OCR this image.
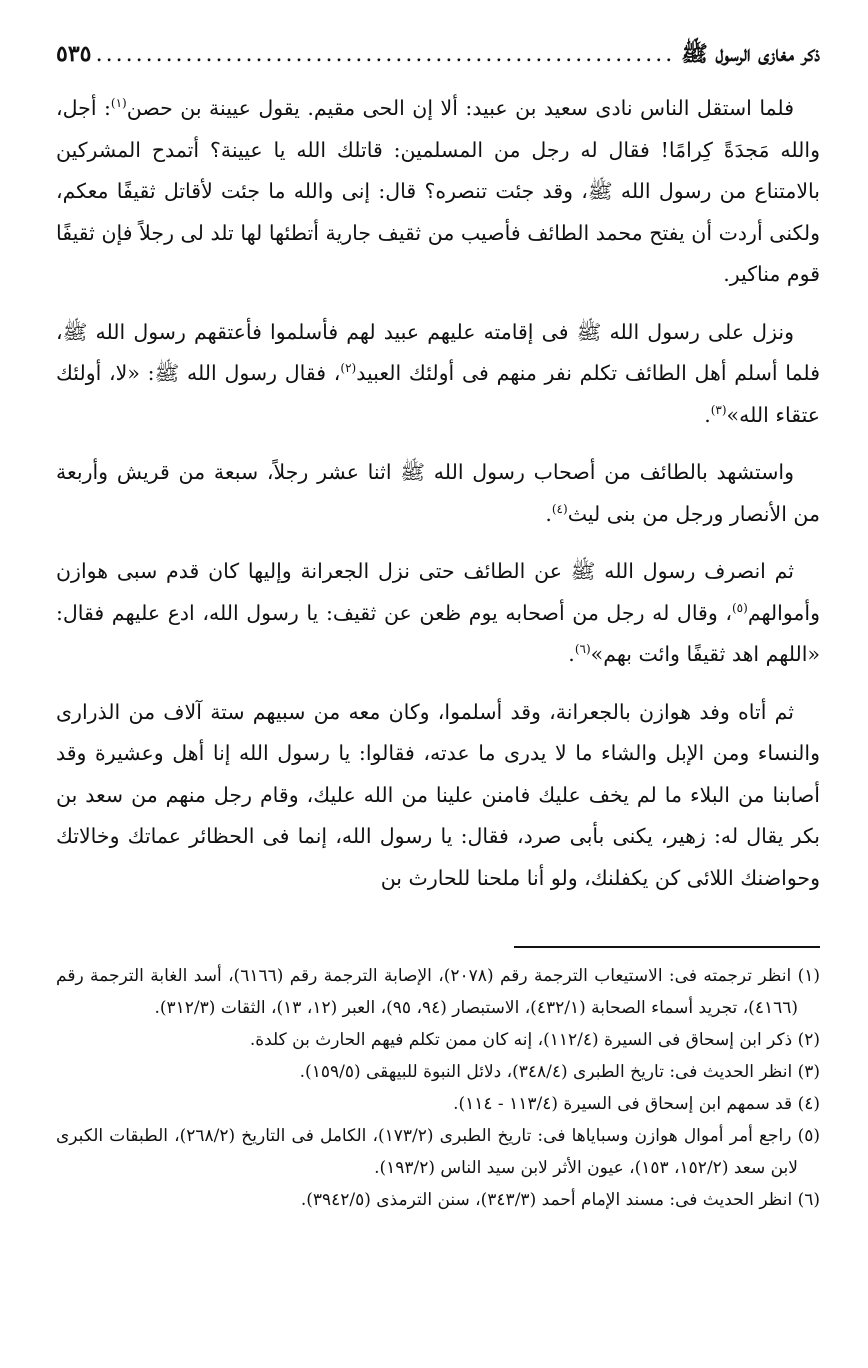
ذكر مغازى الرسول ﷺ
.....
٥٣٥

فلما استقل الناس نادى سعيد بن عبيد: ألا إن الحى مقيم. يقول عيينة بن حصن$^{(١)}$: أجل، والله مَجدَةً كِرامًا! فقال له رجل من المسلمين: قاتلك الله يا عيينة؟ أتمدح المشركين بالامتناع من رسول الله ﷺ، وقد جئت تنصره؟ قال: إنى والله ما جئت لأقاتل ثقيفًا معكم، ولكنى أردت أن يفتح محمد الطائف فأصيب من ثقيف جارية أتطئها لها تلد لى رجلاً فإن ثقيفًا قوم مناكير.

ونزل على رسول الله ﷺ فى إقامته عليهم عبيد لهم فأسلموا فأعتقهم رسول الله ﷺ، فلما أسلم أهل الطائف تكلم نفر منهم فى أولئك العبيد$^{(٢)}$، فقال رسول الله ﷺ: «لا، أولئك عتقاء الله»$^{(٣)}$.

واستشهد بالطائف من أصحاب رسول الله ﷺ اثنا عشر رجلاً، سبعة من قريش وأربعة من الأنصار ورجل من بنى ليث$^{(٤)}$.

ثم انصرف رسول الله ﷺ عن الطائف حتى نزل الجعرانة وإليها كان قدم سبى هوازن وأموالهم$^{(٥)}$، وقال له رجل من أصحابه يوم ظعن عن ثقيف: يا رسول الله، ادع عليهم فقال: «اللهم اهد ثقيفًا وائت بهم»$^{(٦)}$.

ثم أتاه وفد هوازن بالجعرانة، وقد أسلموا، وكان معه من سبيهم ستة آلاف من الذرارى والنساء ومن الإبل والشاء ما لا يدرى ما عدته، فقالوا: يا رسول الله إنا أهل وعشيرة وقد أصابنا من البلاء ما لم يخف عليك فامنن علينا من الله عليك، وقام رجل منهم من سعد بن بكر يقال له: زهير، يكنى بأبى صرد، فقال: يا رسول الله، إنما فى الحظائر عماتك وخالاتك وحواضنك اللائى كن يكفلنك، ولو أنا ملحنا للحارث بن

(١) انظر ترجمته فى: الاستيعاب الترجمة رقم (٢٠٧٨)، الإصابة الترجمة رقم (٦١٦٦)، أسد الغابة الترجمة رقم (٤١٦٦)، تجريد أسماء الصحابة (٤٣٢/١)، الاستبصار (٩٤، ٩٥)، العبر (١٢، ١٣)، الثقات (٣١٢/٣).

(٢) ذكر ابن إسحاق فى السيرة (١١٢/٤)، إنه كان ممن تكلم فيهم الحارث بن كلدة.

(٣) انظر الحديث فى: تاريخ الطبرى (٣٤٨/٤)، دلائل النبوة للبيهقى (١٥٩/٥).

(٤) قد سمهم ابن إسحاق فى السيرة (١١٣/٤ - ١١٤).

(٥) راجع أمر أموال هوازن وسباياها فى: تاريخ الطبرى (١٧٣/٢)، الكامل فى التاريخ (٢٦٨/٢)، الطبقات الكبرى لابن سعد (١٥٢/٢، ١٥٣)، عيون الأثر لابن سيد الناس (١٩٣/٢).

(٦) انظر الحديث فى: مسند الإمام أحمد (٣٤٣/٣)، سنن الترمذى (٣٩٤٢/٥).
